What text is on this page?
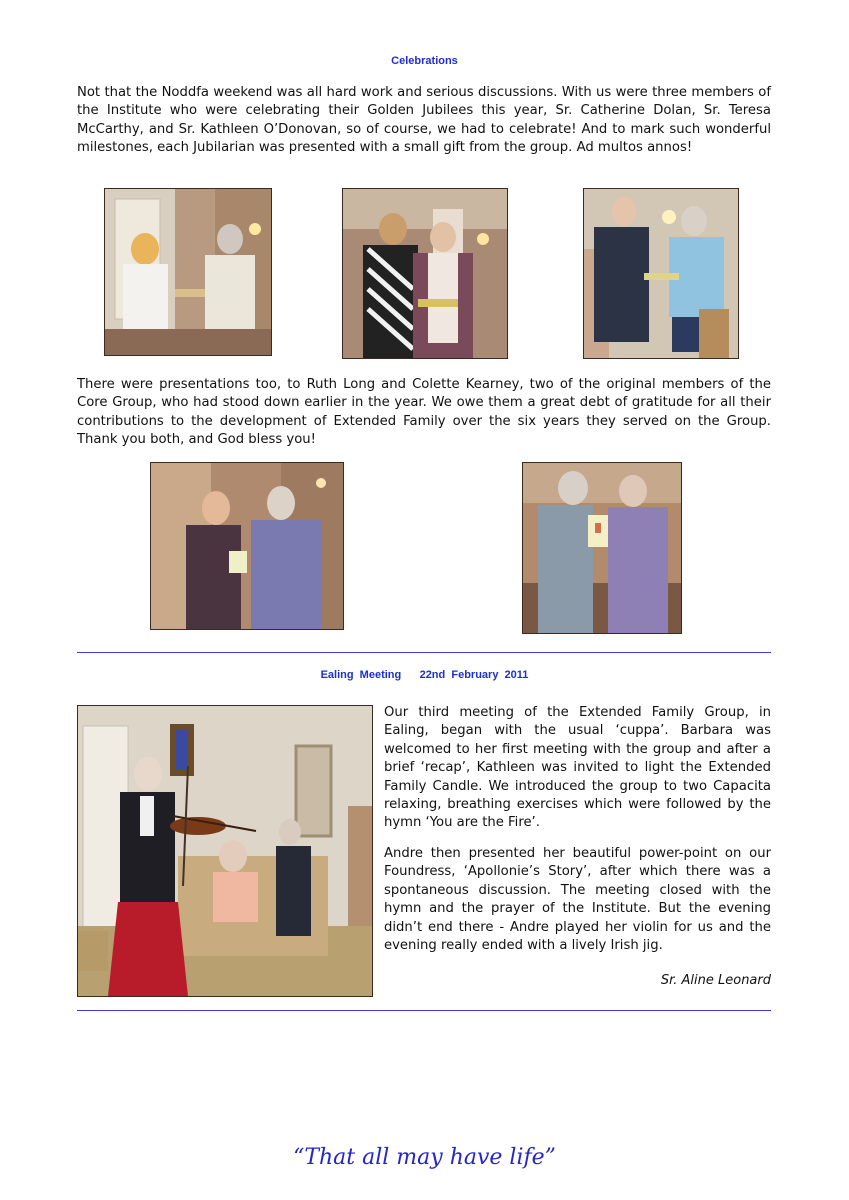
Celebrations

Not that the Noddfa weekend was all hard work and serious discussions. With us were three members of the Institute who were celebrating their Golden Jubilees this year, Sr. Catherine Dolan, Sr. Teresa McCarthy, and Sr. Kathleen O’Donovan, so of course, we had to celebrate! And to mark such wonderful milestones, each Jubilarian was presented with a small gift from the group. Ad multos annos!

There were presentations too, to Ruth Long and Colette Kearney, two of the original members of the Core Group, who had stood down earlier in the year. We owe them a great debt of gratitude for all their contributions to the development of Extended Family over the six years they served on the Group. Thank you both, and God bless you!

Ealing  Meeting      22nd  February  2011

Our third meeting of the Extended Family Group, in Ealing, began with the usual ‘cuppa’. Barbara was welcomed to her first meeting with the group and after a brief ‘recap’, Kathleen was invited to light the Extended Family Candle. We introduced the group to two Capacita relaxing, breathing exercises which were followed by the hymn ‘You are the Fire’.

Andre then presented her beautiful power-point on our Foundress, ‘Apollonie’s Story’, after which there was a spontaneous discussion. The meeting closed with the hymn and the prayer of the Institute. But the evening didn’t end there - Andre played her violin for us and the evening really ended with a lively Irish jig.

Sr. Aline Leonard
“That all may have life”
